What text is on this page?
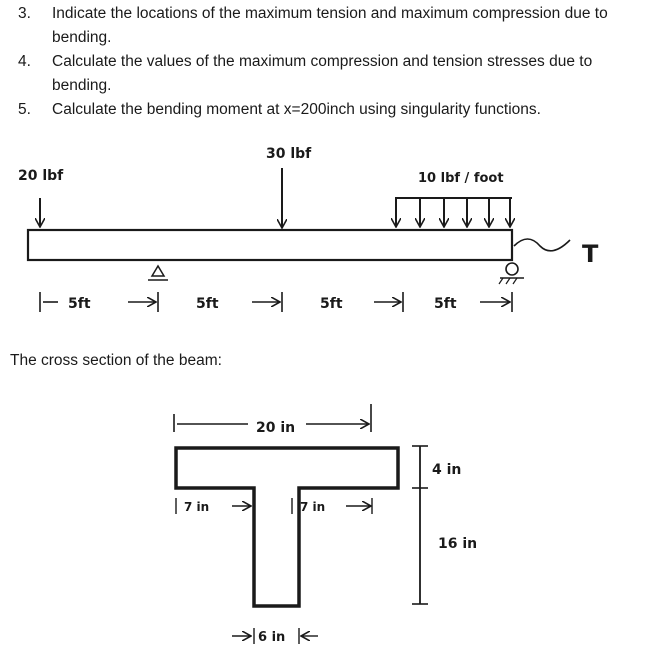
3.	Indicate the locations of the maximum tension and maximum compression due to bending.
4.	Calculate the values of the maximum compression and tension stresses due to bending.
5.	Calculate the bending moment at x=200inch using singularity functions.
20 lbf
30 lbf
10 lbf / foot
T
5ft	5ft	5ft	5ft
The cross section of the beam:
20 in
7 in	7 in
4 in
16 in
6 in
